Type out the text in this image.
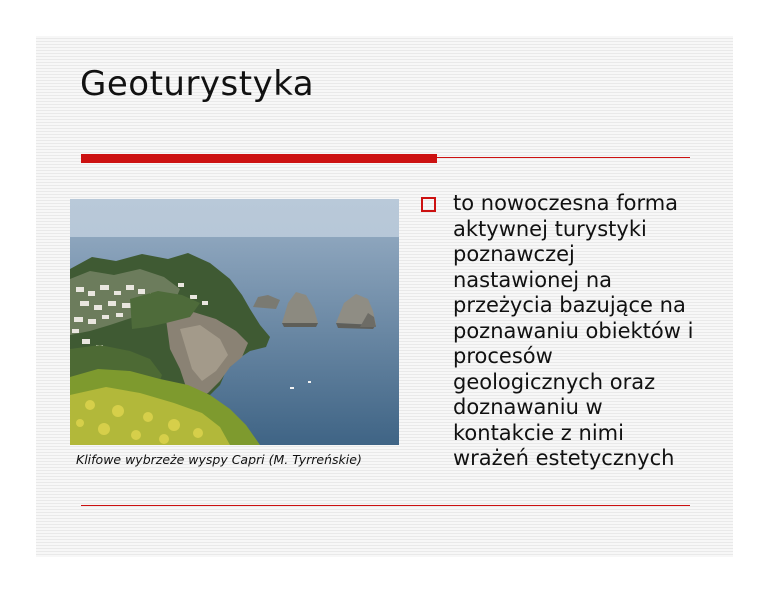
Geoturystyka
Klifowe wybrzeże wyspy Capri (M. Tyrreńskie)
to nowoczesna forma
aktywnej turystyki
poznawczej
nastawionej na
przeżycia bazujące na
poznawaniu obiektów i
procesów
geologicznych oraz
doznawaniu w
kontakcie z nimi
wrażeń estetycznych
